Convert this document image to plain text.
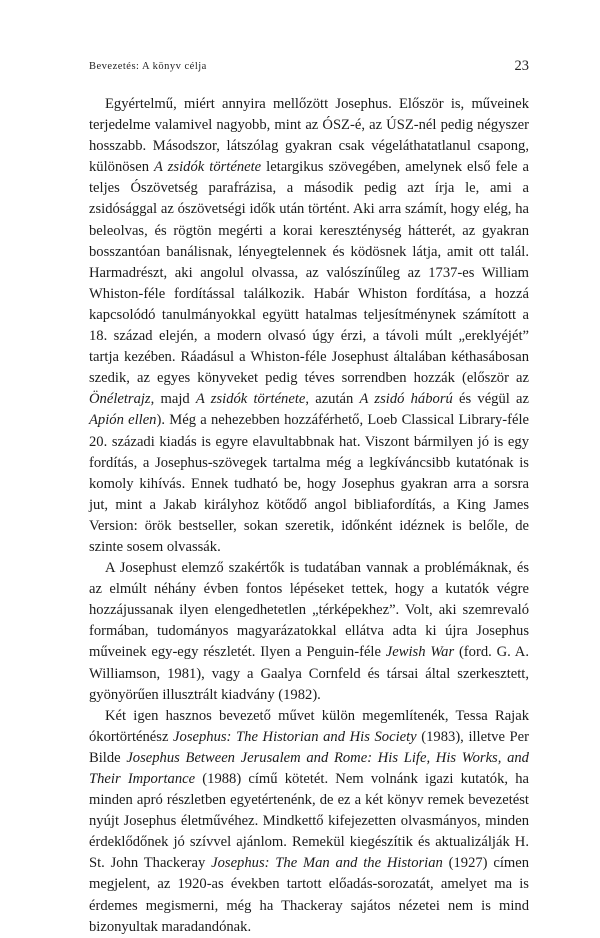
Bevezetés: A könyv célja	23

Egyértelmű, miért annyira mellőzött Josephus. Először is, műveinek terjedelme valamivel nagyobb, mint az ÓSZ-é, az ÚSZ-nél pedig négyszer hosszabb. Másodszor, látszólag gyakran csak végeláthatatlanul csapong, különösen A zsidók története letargikus szövegében, amelynek első fele a teljes Ószövetség parafrázisa, a második pedig azt írja le, ami a zsidósággal az ószövetségi idők után történt. Aki arra számít, hogy elég, ha beleolvas, és rögtön megérti a korai kereszténység hátterét, az gyakran bosszantóan banálisnak, lényegtelennek és ködösnek látja, amit ott talál. Harmadrészt, aki angolul olvassa, az valószínűleg az 1737-es William Whiston-féle fordítással találkozik. Habár Whiston fordítása, a hozzá kapcsolódó tanulmányokkal együtt hatalmas teljesítménynek számított a 18. század elején, a modern olvasó úgy érzi, a távoli múlt „ereklyéjét” tartja kezében. Ráadásul a Whiston-féle Josephust általában kéthasábosan szedik, az egyes könyveket pedig téves sorrendben hozzák (először az Önéletrajz, majd A zsidók története, azután A zsidó háború és végül az Apión ellen). Még a nehezebben hozzáférhető, Loeb Classical Library-féle 20. századi kiadás is egyre elavultabbnak hat. Viszont bármilyen jó is egy fordítás, a Josephus-szövegek tartalma még a legkíváncsibb kutatónak is komoly kihívás. Ennek tudható be, hogy Josephus gyakran arra a sorsra jut, mint a Jakab királyhoz kötődő angol bibliafordítás, a King James Version: örök bestseller, sokan szeretik, időnként idéznek is belőle, de szinte sosem olvassák.

A Josephust elemző szakértők is tudatában vannak a problémáknak, és az elmúlt néhány évben fontos lépéseket tettek, hogy a kutatók végre hozzájussanak ilyen elengedhetetlen „térképekhez”. Volt, aki szemrevaló formában, tudományos magyarázatokkal ellátva adta ki újra Josephus műveinek egy-egy részletét. Ilyen a Penguin-féle Jewish War (ford. G. A. Williamson, 1981), vagy a Gaalya Cornfeld és társai által szerkesztett, gyönyörűen illusztrált kiadvány (1982).

Két igen hasznos bevezető művet külön megemlítenék, Tessa Rajak ókortörténész Josephus: The Historian and His Society (1983), illetve Per Bilde Josephus Between Jerusalem and Rome: His Life, His Works, and Their Importance (1988) című kötetét. Nem volnánk igazi kutatók, ha minden apró részletben egyetértenénk, de ez a két könyv remek bevezetést nyújt Josephus életművéhez. Mindkettő kifejezetten olvasmányos, minden érdeklődőnek jó szívvel ajánlom. Remekül kiegészítik és aktualizálják H. St. John Thackeray Josephus: The Man and the Historian (1927) címen megjelent, az 1920-as években tartott előadás-sorozatát, amelyet ma is érdemes megismerni, még ha Thackeray sajátos nézetei nem is mind bizonyultak maradandónak.
